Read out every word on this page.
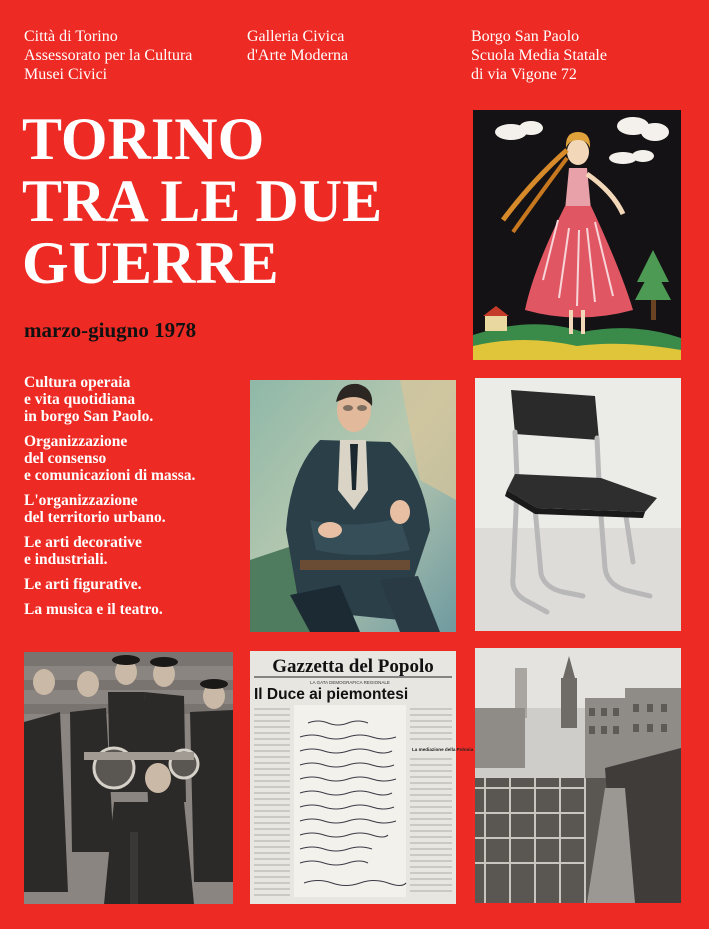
Città di Torino
Assessorato per la Cultura
Musei Civici
Galleria Civica
d'Arte Moderna
Borgo San Paolo
Scuola Media Statale
di via Vigone 72
TORINO
TRA LE DUE
GUERRE
marzo-giugno 1978
Cultura operaia
e vita quotidiana
in borgo San Paolo.
Organizzazione
del consenso
e comunicazioni di massa.
L'organizzazione
del territorio urbano.
Le arti decorative
e industriali.
Le arti figurative.
La musica e il teatro.
Gazzetta del Popolo
LA GATA DEMOGRAFICA REGIONALE
Il Duce ai piemontesi
La mediazione della Polonia
